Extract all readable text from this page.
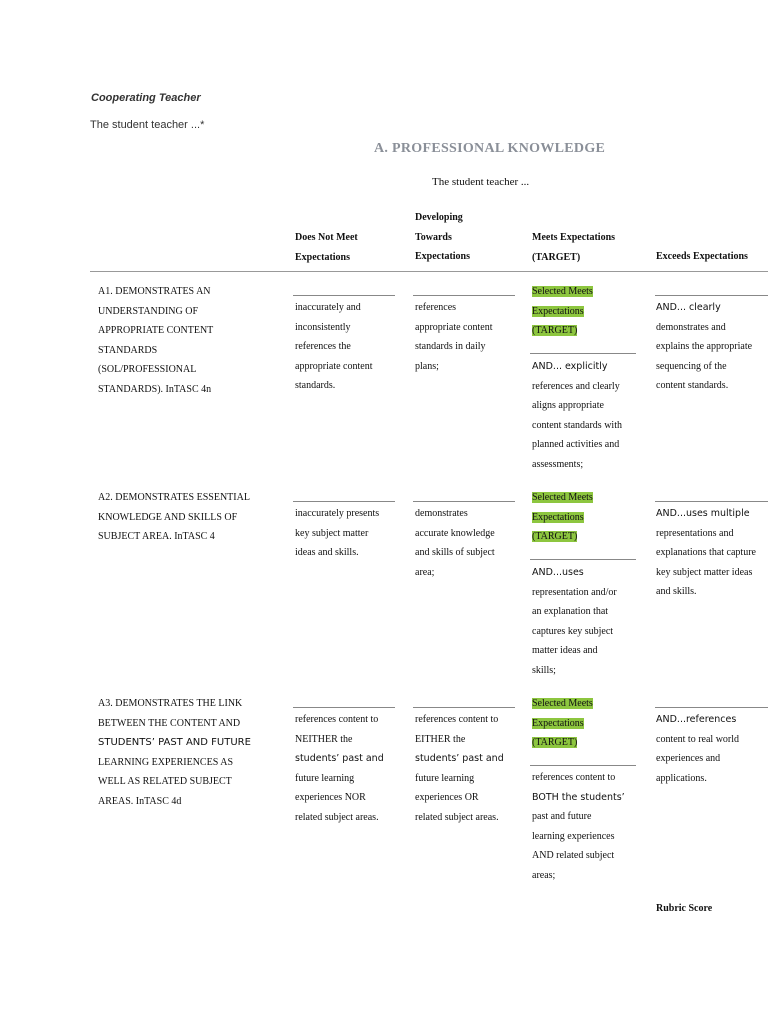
Cooperating Teacher
The student teacher ...*
A. PROFESSIONAL KNOWLEDGE
The student teacher ...
Does Not Meet
Expectations
Developing
Towards
Expectations
Meets Expectations
(TARGET)	Exceeds Expectations
A1. DEMONSTRATES AN
UNDERSTANDING OF
APPROPRIATE CONTENT
STANDARDS
(SOL/PROFESSIONAL
STANDARDS). InTASC 4n
inaccurately and
inconsistently
references the
appropriate content
standards.
references
appropriate content
standards in daily
plans;
Selected Meets
Expectations
(TARGET)
AND... explicitly
references and clearly
aligns appropriate
content standards with
planned activities and
assessments;
AND... clearly
demonstrates and
explains the appropriate
sequencing of the
content standards.
A2. DEMONSTRATES ESSENTIAL
KNOWLEDGE AND SKILLS OF
SUBJECT AREA. InTASC 4
inaccurately presents
key subject matter
ideas and skills.
demonstrates
accurate knowledge
and skills of subject
area;
Selected Meets
Expectations
(TARGET)
AND...uses
representation and/or
an explanation that
captures key subject
matter ideas and
skills;
AND...uses multiple
representations and
explanations that capture
key subject matter ideas
and skills.
A3. DEMONSTRATES THE LINK
BETWEEN THE CONTENT AND
STUDENTS’ PAST AND FUTURE
LEARNING EXPERIENCES AS
WELL AS RELATED SUBJECT
AREAS. InTASC 4d
references content to
NEITHER the
students’ past and
future learning
experiences NOR
related subject areas.
references content to
EITHER the
students’ past and
future learning
experiences OR
related subject areas.
Selected Meets
Expectations
(TARGET)
references content to
BOTH the students’
past and future
learning experiences
AND related subject
areas;
AND...references
content to real world
experiences and
applications.
Rubric Score
